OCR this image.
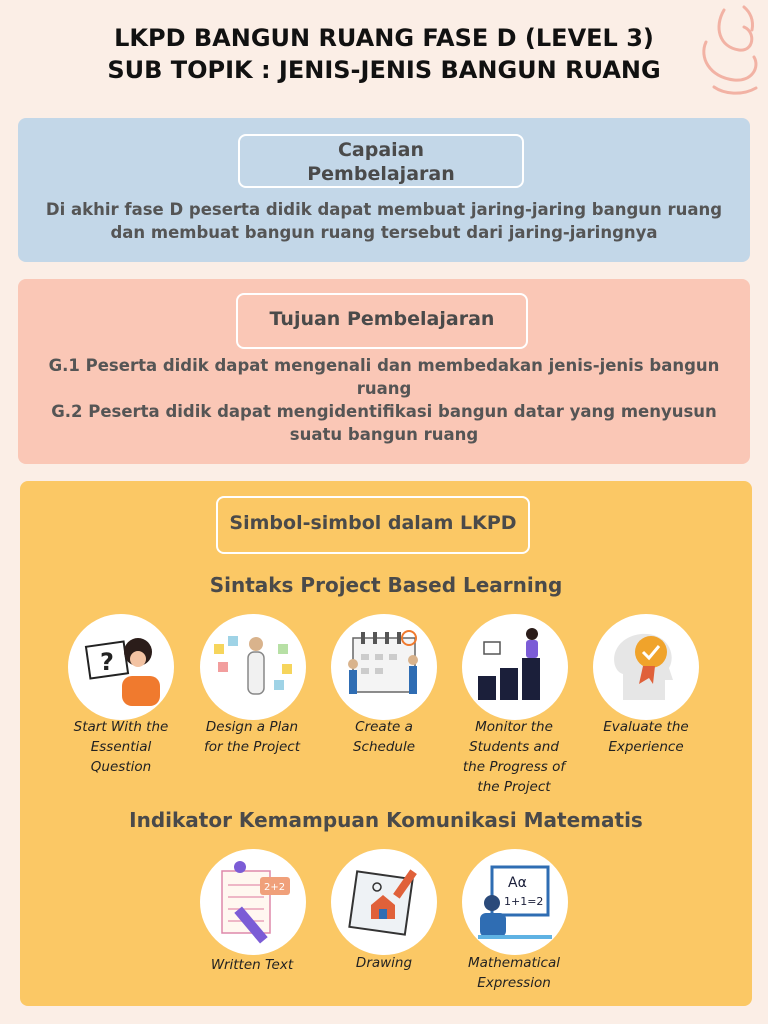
LKPD BANGUN RUANG FASE D (LEVEL 3)
SUB TOPIK : JENIS-JENIS BANGUN RUANG
Capaian
Pembelajaran
Di akhir fase D peserta didik dapat membuat jaring-jaring bangun ruang
dan membuat bangun ruang tersebut dari jaring-jaringnya
Tujuan Pembelajaran
G.1 Peserta didik dapat mengenali dan membedakan jenis-jenis bangun
ruang
G.2 Peserta didik dapat mengidentifikasi bangun datar yang menyusun
suatu bangun ruang
Simbol-simbol dalam LKPD
Sintaks Project Based Learning
?
Start With the
Essential
Question
Design a Plan
for the Project
Create a
Schedule
Monitor the
Students and
the Progress of
the Project
Evaluate the
Experience
Indikator Kemampuan Komunikasi Matematis
2+2	Aα
1+1=2
Written Text	Drawing	Mathematical
Expression
